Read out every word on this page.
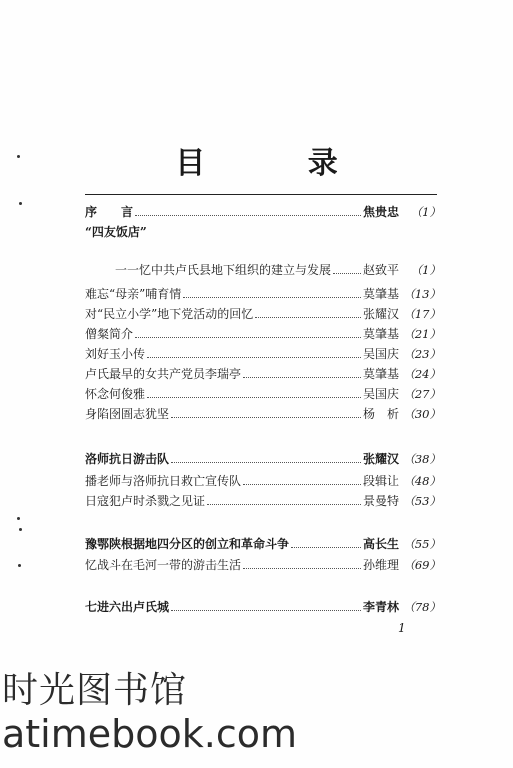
目 录
序　　言	焦贵忠	（1）
“四友饭店”
一一忆中共卢氏县地下组织的建立与发展	赵致平	（1）
难忘“母亲”哺育情	莫肇基 （13）
对“民立小学”地下党活动的回忆	张耀汉 （17）
僧粲简介	莫肇基 （21）
刘好玉小传	吴国庆 （23）
卢氏最早的女共产党员李瑞亭	莫肇基 （24）
怀念何俊雅	吴国庆 （27）
身陷囹圄志犹坚	杨　析 （30）
洛师抗日游击队	张耀汉 （38）
播老师与洛师抗日救亡宣传队	段辑让 （48）
日寇犯卢时杀戮之见证	景曼特 （53）
豫鄂陕根据地四分区的创立和革命斗争	高长生 （55）
忆战斗在毛河一带的游击生活	孙维理 （69）
七进六出卢氏城	李青林 （78）
1
时光图书馆
atimebook.com
